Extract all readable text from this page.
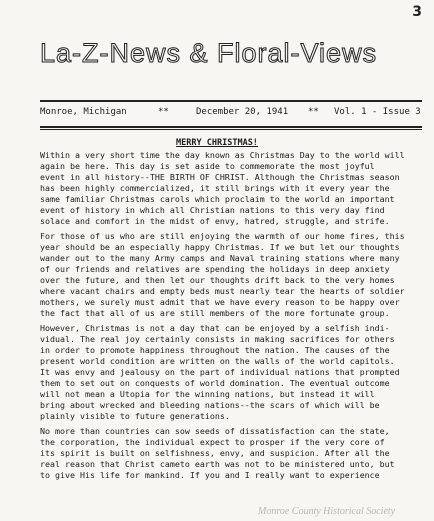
3
La-Z-News & Floral-Views
Monroe, Michigan	**	December 20, 1941 ** Vol. 1 - Issue 3
MERRY CHRISTMAS!
Within a very short time the day known as Christmas Day to the world will
again be here. This day is set aside to commemorate the most joyful
event in all history--THE BIRTH OF CHRIST. Although the Christmas season
has been highly commercialized, it still brings with it every year the
same familiar Christmas carols which proclaim to the world an important
event of history in which all Christian nations to this very day find
solace and comfort in the midst of envy, hatred, struggle, and strife.
For those of us who are still enjoying the warmth of our home fires, this
year should be an especially happy Christmas. If we but let our thoughts
wander out to the many Army camps and Naval training stations where many
of our friends and relatives are spending the holidays in deep anxiety
over the future, and then let our thoughts drift back to the very homes
where vacant chairs and empty beds must nearly tear the hearts of soldier
mothers, we surely must admit that we have every reason to be happy over
the fact that all of us are still members of the more fortunate group.
However, Christmas is not a day that can be enjoyed by a selfish indi-
vidual. The real joy certainly consists in making sacrifices for others
in order to promote happiness throughout the nation. The causes of the
present world condition are written on the walls of the world capitols.
It was envy and jealousy on the part of individual nations that prompted
them to set out on conquests of world domination. The eventual outcome
will not mean a Utopia for the winning nations, but instead it will
bring about wrecked and bleeding nations--the scars of which will be
plainly visible to future generations.
No more than countries can sow seeds of dissatisfaction can the state,
the corporation, the individual expect to prosper if the very core of
its spirit is built on selfishness, envy, and suspicion. After all the
real reason that Christ cameto earth was not to be ministered unto, but
to give His life for mankind. If you and I really want to experience
Monroe County Historical Society
